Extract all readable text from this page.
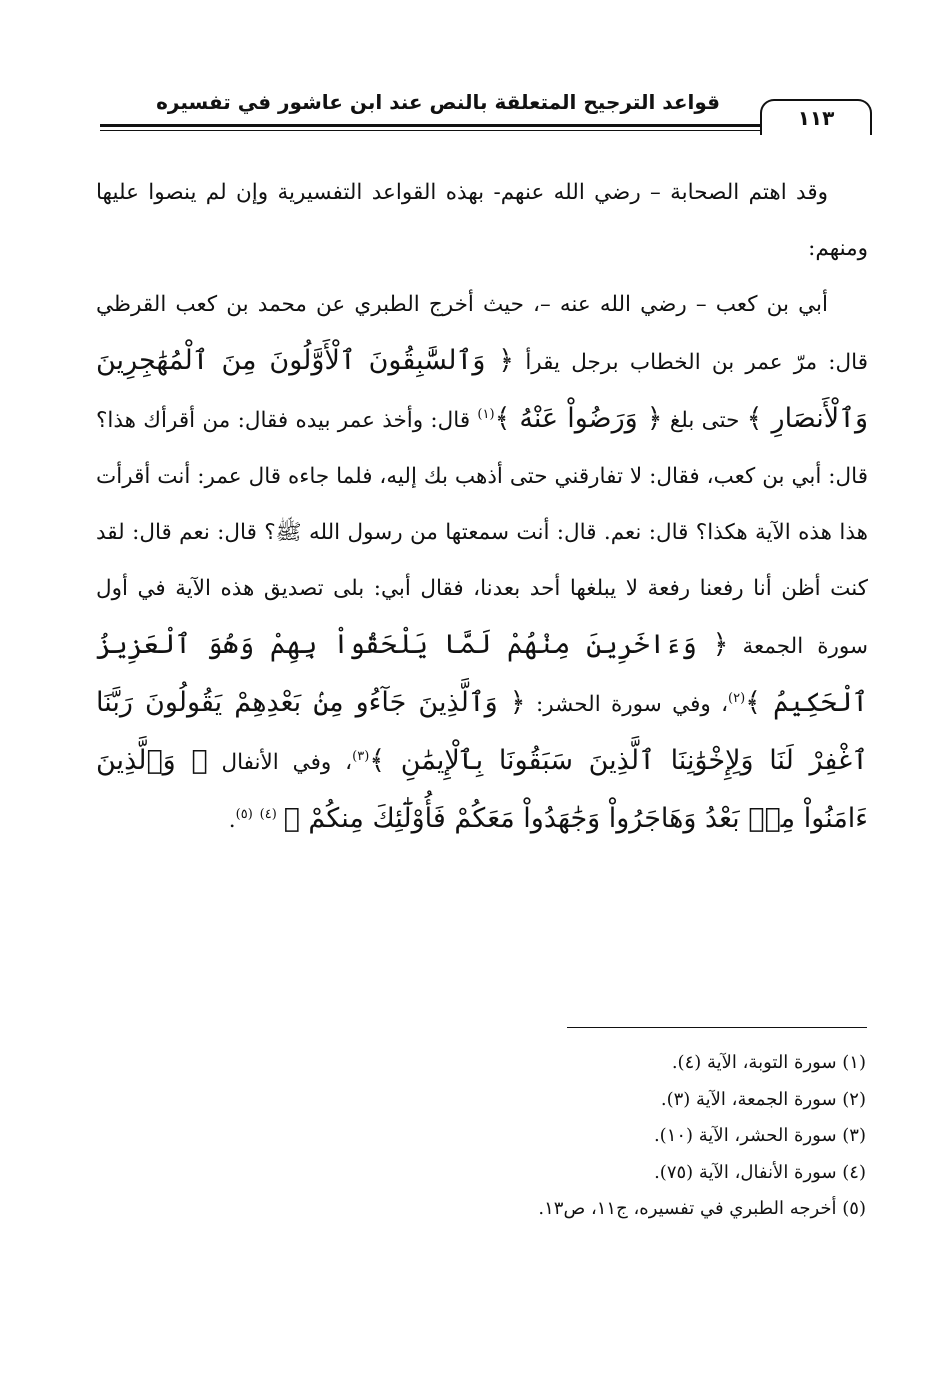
قواعد الترجيح المتعلقة بالنص عند ابن عاشور في تفسيره
١١٣

وقد اهتم الصحابة – رضي الله عنهم- بهذه القواعد التفسيرية وإن لم ينصوا عليها ومنهم:

أبي بن كعب – رضي الله عنه –، حيث أخرج الطبري عن محمد بن كعب القرظي قال: مرّ عمر بن الخطاب برجل يقرأ ﴿ وَٱلسَّٰبِقُونَ ٱلْأَوَّلُونَ مِنَ ٱلْمُهَٰجِرِينَ وَٱلْأَنصَارِ ﴾ حتى بلغ ﴿ وَرَضُواْ عَنْهُ ﴾$^{(١)}$ قال: وأخذ عمر بيده فقال: من أقرأك هذا؟ قال: أبي بن كعب، فقال: لا تفارقني حتى أذهب بك إليه، فلما جاءه قال عمر: أنت أقرأت هذا هذه الآية هكذا؟ قال: نعم. قال: أنت سمعتها من رسول الله ﷺ؟ قال: نعم قال: لقد كنت أظن أنا رفعنا رفعة لا يبلغها أحد بعدنا، فقال أبي: بلى تصديق هذه الآية في أول سورة الجمعة ﴿ وَءَاخَرِينَ مِنْهُمْ لَمَّا يَلْحَقُواْ بِهِمْ وَهُوَ ٱلْعَزِيزُ ٱلْحَكِيمُ ﴾$^{(٢)}$، وفي سورة الحشر: ﴿ وَٱلَّذِينَ جَآءُو مِنۢ بَعْدِهِمْ يَقُولُونَ رَبَّنَا ٱغْفِرْ لَنَا وَلِإِخْوَٰنِنَا ٱلَّذِينَ سَبَقُونَا بِٱلْإِيمَٰنِ ﴾$^{(٣)}$، وفي الأنفال ﴿ وَٱلَّذِينَ ءَامَنُواْ مِنۢ بَعْدُ وَهَاجَرُواْ وَجَٰهَدُواْ مَعَكُمْ فَأُوْلَٰٓئِكَ مِنكُمْ ﴾ $^{(٤)}$ $^{(٥)}$.

(١) سورة التوبة، الآية (٤).
(٢) سورة الجمعة، الآية (٣).
(٣) سورة الحشر، الآية (١٠).
(٤) سورة الأنفال، الآية (٧٥).
(٥) أخرجه الطبري في تفسيره، ج١١، ص١٣.
